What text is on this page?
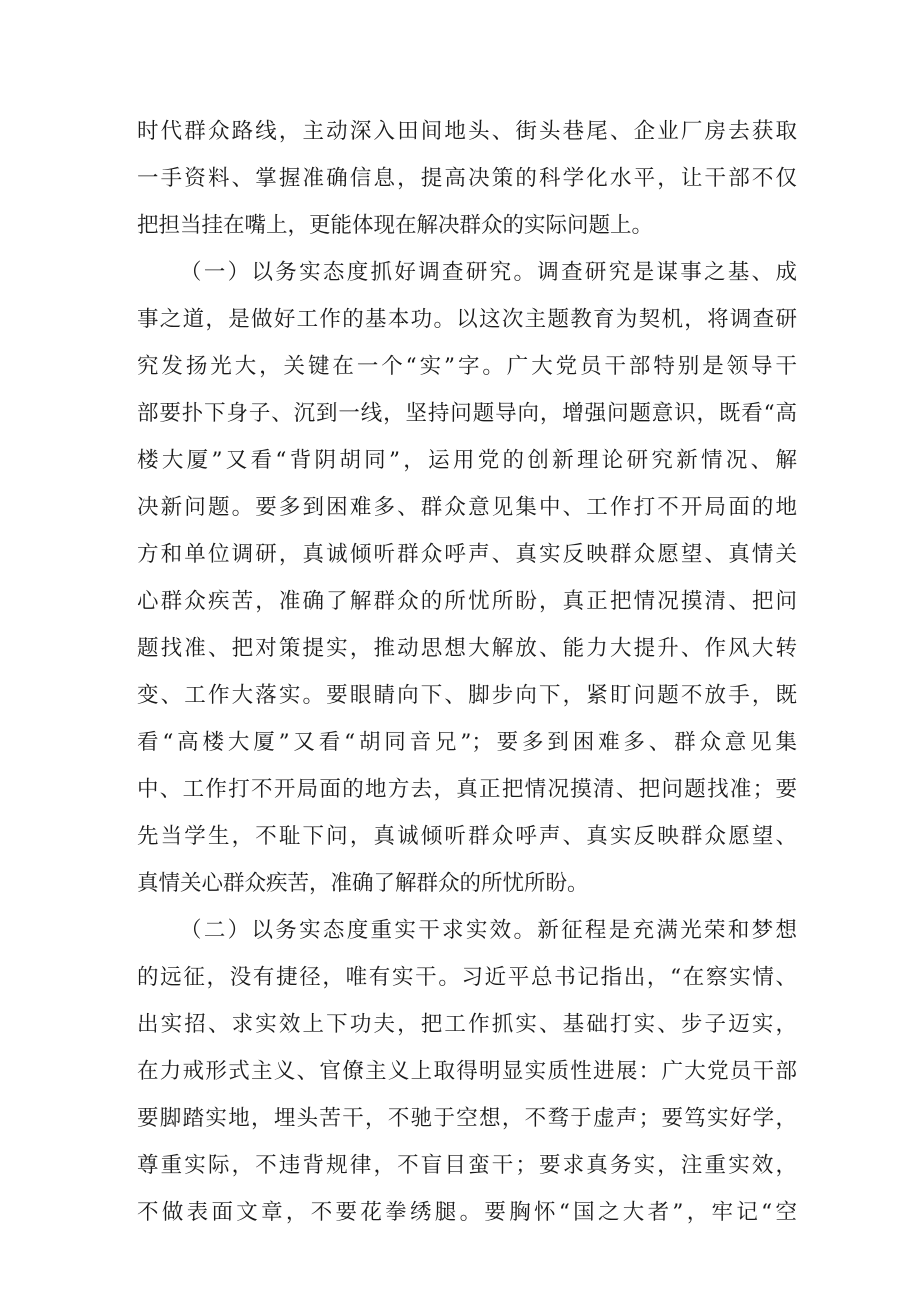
时代群众路线，主动深入田间地头、街头巷尾、企业厂房去获取
一手资料、掌握准确信息，提高决策的科学化水平，让干部不仅
把担当挂在嘴上，更能体现在解决群众的实际问题上。
（一）以务实态度抓好调查研究。调查研究是谋事之基、成
事之道，是做好工作的基本功。以这次主题教育为契机，将调查研
究发扬光大，关键在一个“实”字。广大党员干部特别是领导干
部要扑下身子、沉到一线，坚持问题导向，增强问题意识，既看“高
楼大厦”又看“背阴胡同”，运用党的创新理论研究新情况、解
决新问题。要多到困难多、群众意见集中、工作打不开局面的地
方和单位调研，真诚倾听群众呼声、真实反映群众愿望、真情关
心群众疾苦，准确了解群众的所忧所盼，真正把情况摸清、把问
题找准、把对策提实，推动思想大解放、能力大提升、作风大转
变、工作大落实。要眼睛向下、脚步向下，紧盯问题不放手，既
看“高楼大厦”又看“胡同音兄”；要多到困难多、群众意见集
中、工作打不开局面的地方去，真正把情况摸清、把问题找准；要
先当学生，不耻下问，真诚倾听群众呼声、真实反映群众愿望、
真情关心群众疾苦，准确了解群众的所忧所盼。
（二）以务实态度重实干求实效。新征程是充满光荣和梦想
的远征，没有捷径，唯有实干。习近平总书记指出，“在察实情、
出实招、求实效上下功夫，把工作抓实、基础打实、步子迈实，
在力戒形式主义、官僚主义上取得明显实质性进展：广大党员干部
要脚踏实地，埋头苦干，不驰于空想，不骛于虚声；要笃实好学，
尊重实际，不违背规律，不盲目蛮干；要求真务实，注重实效，
不做表面文章，不要花拳绣腿。要胸怀“国之大者”，牢记“空
